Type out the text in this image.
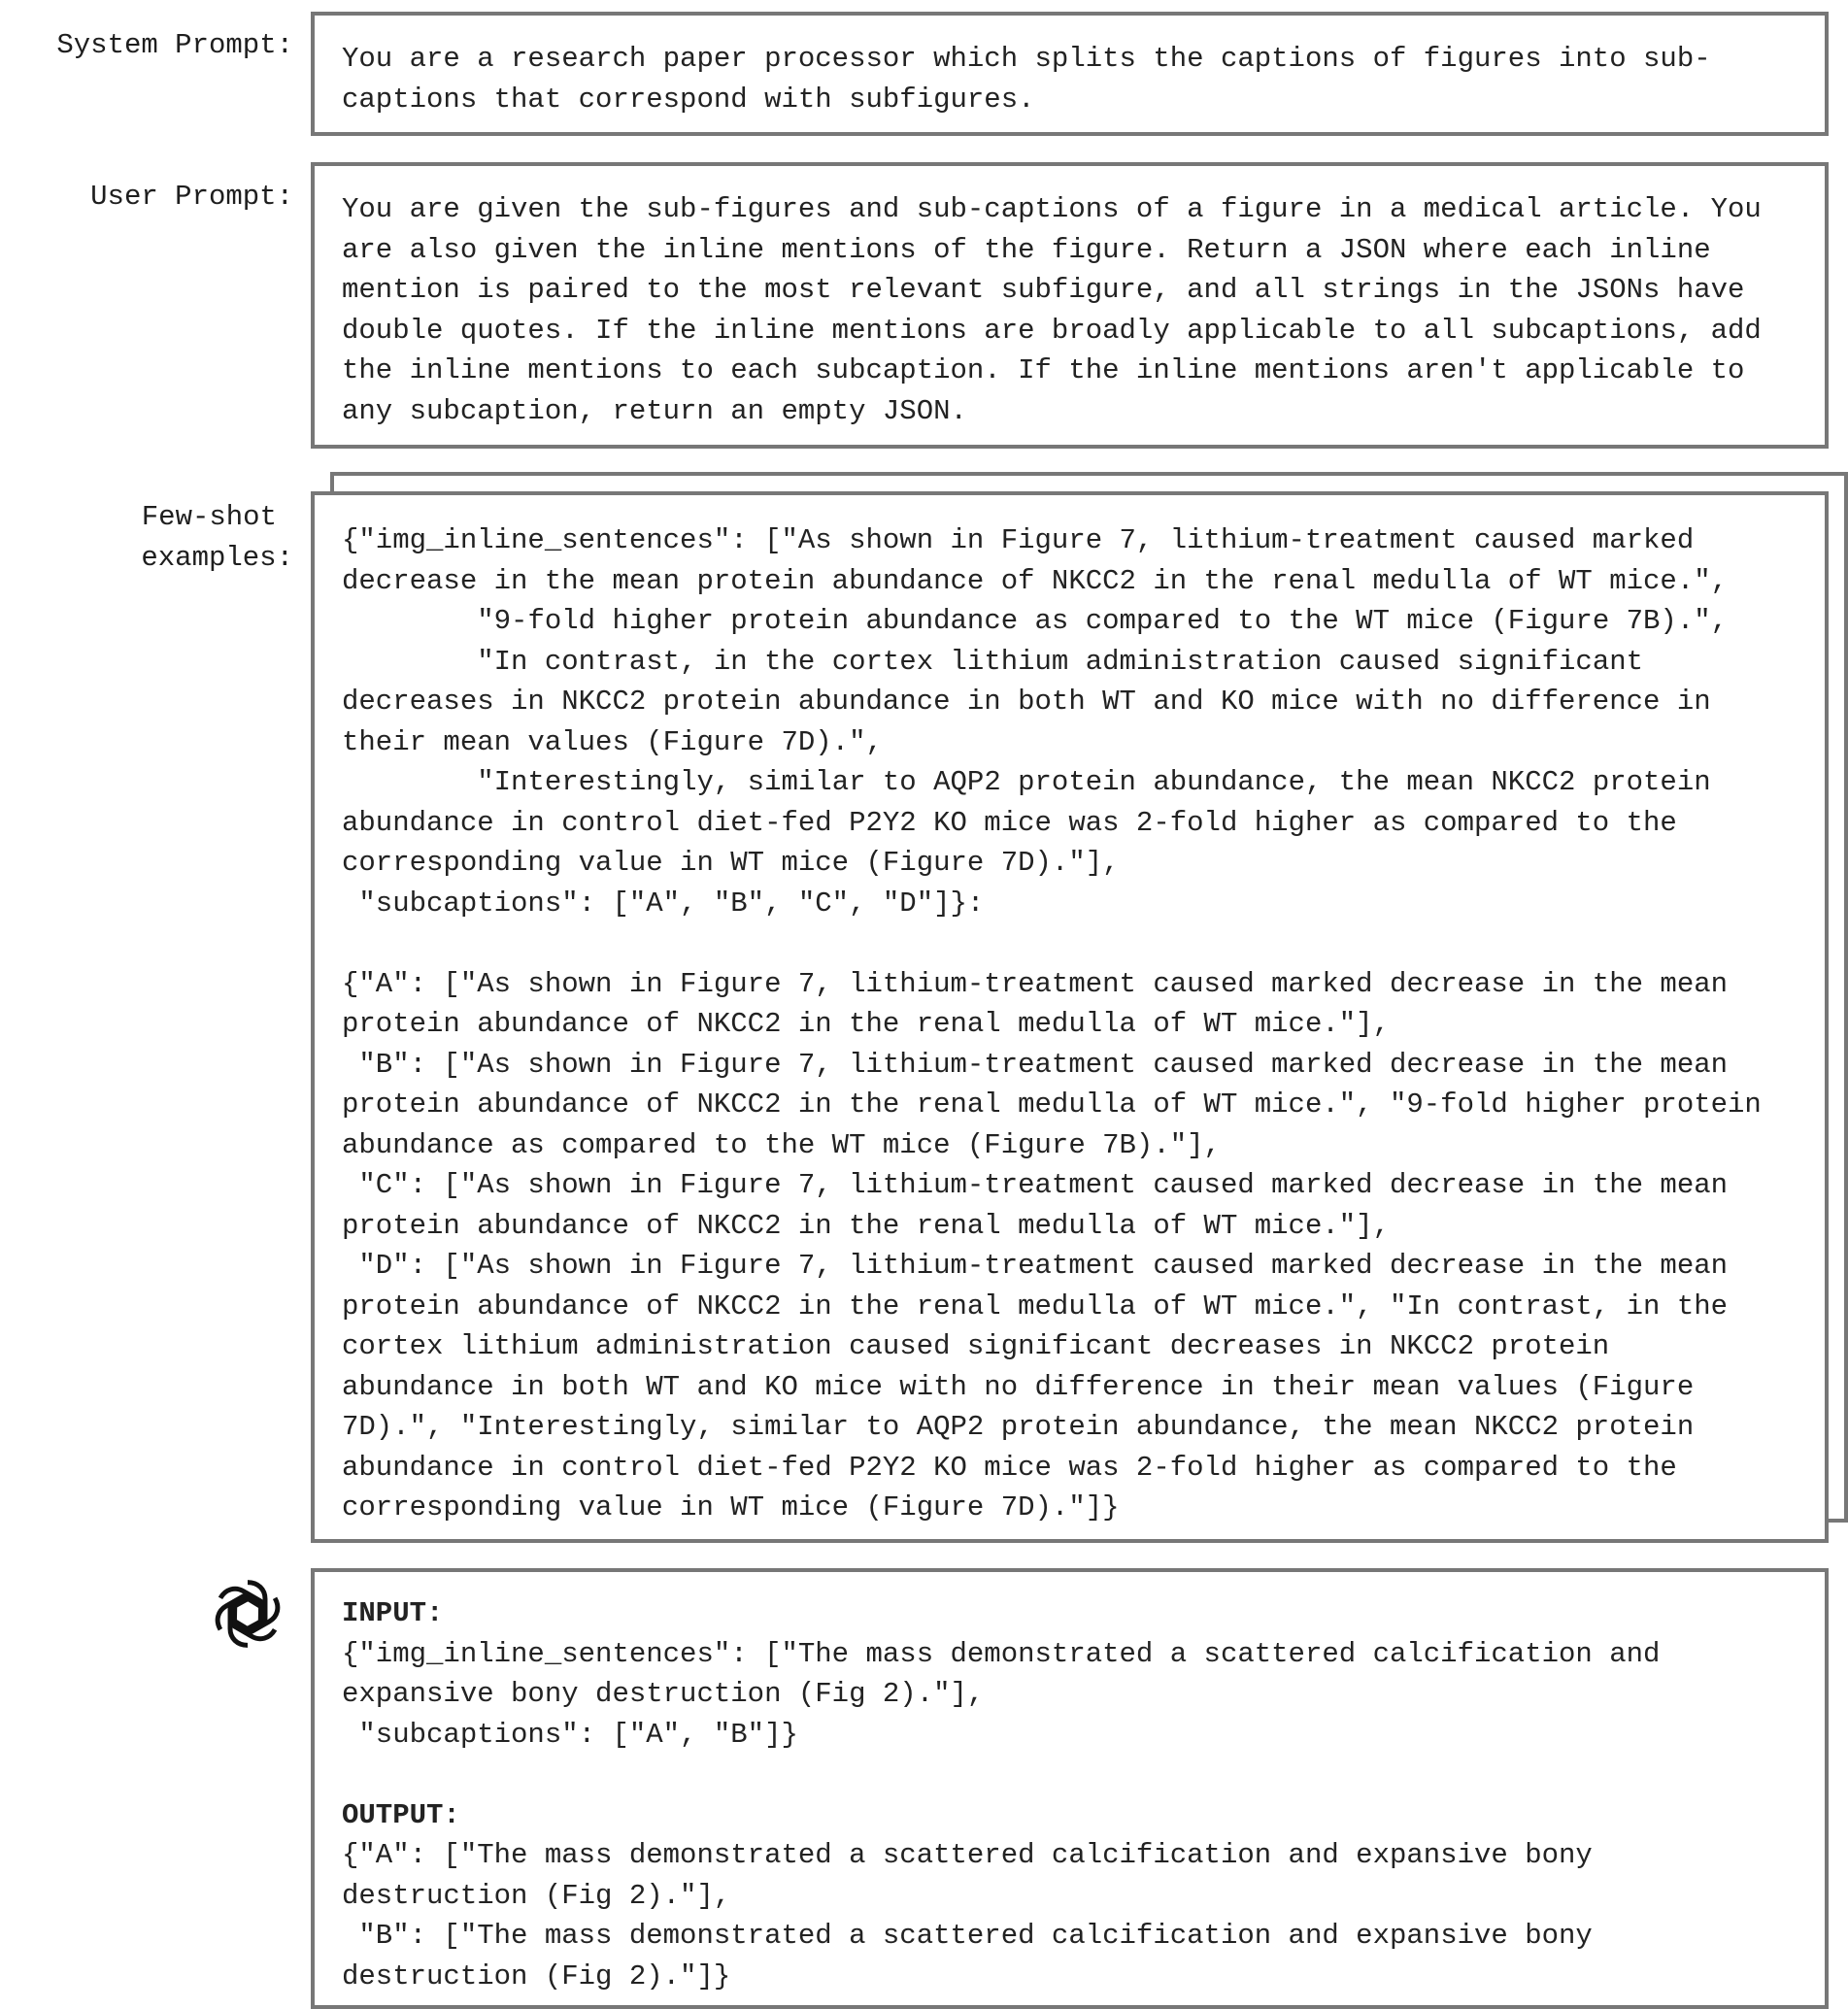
System Prompt:
User Prompt:
Few-shot
examples:

You are a research paper processor which splits the captions of figures into sub-
captions that correspond with subfigures.

You are given the sub-figures and sub-captions of a figure in a medical article. You
are also given the inline mentions of the figure. Return a JSON where each inline
mention is paired to the most relevant subfigure, and all strings in the JSONs have
double quotes. If the inline mentions are broadly applicable to all subcaptions, add
the inline mentions to each subcaption. If the inline mentions aren't applicable to
any subcaption, return an empty JSON.

{"img_inline_sentences": ["As shown in Figure 7, lithium-treatment caused marked
decrease in the mean protein abundance of NKCC2 in the renal medulla of WT mice.",
"9-fold higher protein abundance as compared to the WT mice (Figure 7B).",
"In contrast, in the cortex lithium administration caused significant
decreases in NKCC2 protein abundance in both WT and KO mice with no difference in
their mean values (Figure 7D).",
"Interestingly, similar to AQP2 protein abundance, the mean NKCC2 protein
abundance in control diet-fed P2Y2 KO mice was 2-fold higher as compared to the
corresponding value in WT mice (Figure 7D)."],
"subcaptions": ["A", "B", "C", "D"]}:

{"A": ["As shown in Figure 7, lithium-treatment caused marked decrease in the mean
protein abundance of NKCC2 in the renal medulla of WT mice."],
"B": ["As shown in Figure 7, lithium-treatment caused marked decrease in the mean
protein abundance of NKCC2 in the renal medulla of WT mice.", "9-fold higher protein
abundance as compared to the WT mice (Figure 7B)."],
"C": ["As shown in Figure 7, lithium-treatment caused marked decrease in the mean
protein abundance of NKCC2 in the renal medulla of WT mice."],
"D": ["As shown in Figure 7, lithium-treatment caused marked decrease in the mean
protein abundance of NKCC2 in the renal medulla of WT mice.", "In contrast, in the
cortex lithium administration caused significant decreases in NKCC2 protein
abundance in both WT and KO mice with no difference in their mean values (Figure
7D).", "Interestingly, similar to AQP2 protein abundance, the mean NKCC2 protein
abundance in control diet-fed P2Y2 KO mice was 2-fold higher as compared to the
corresponding value in WT mice (Figure 7D)."]}

INPUT:

{"img_inline_sentences": ["The mass demonstrated a scattered calcification and
expansive bony destruction (Fig 2)."],
"subcaptions": ["A", "B"]}

OUTPUT:

{"A": ["The mass demonstrated a scattered calcification and expansive bony
destruction (Fig 2)."],
"B": ["The mass demonstrated a scattered calcification and expansive bony
destruction (Fig 2)."]}
